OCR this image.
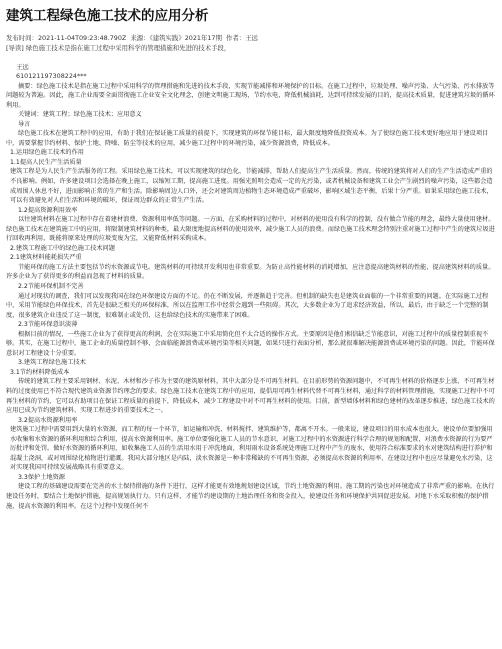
建筑工程绿色施工技术的应用分析
发布时间：2021-11-04T09:23:48.790Z 来源：《建筑实践》2021年17期 作者：王远
[导读] 绿色施工技术是指在施工过程中采用科学的管理措施和先进的技术手段，
王远
610121197308224***

摘要：绿色施工技术是指在施工过程中采用科学的管理措施和先进的技术手段，实现节能减排和环境保护的目标。在施工过程中，垃圾处理、噪声污染、大气污染、污水排放等问题较为普遍。因此，施工企业需要全面贯彻施工企业安全文化理念，创建文明施工现场，节约水电，降低机械油耗，达到可持续发展的目的，提高技术质量，促进建筑垃圾的循环利用。

关键词：建筑工程；绿色施工技术；应用意义

导言

绿色施工技术在建筑工程中的应用，有助于我们在保证施工质量的前提下，实现建筑的环保节能目标，最大限度地降低投资成本。为了使绿色施工技术更好地应用于建设项目中，需要掌握节约材料、保护土地、降噪、防尘等技术的应用，减少施工过程中的环境污染，减少资源浪费，降低成本。

1.运用绿色施工技术的作用

1.1提高人民生产生活质量

建筑工程是为人民生产生活服务的工程。采用绿色施工技术，可以实现建筑的绿色化、节能减排，帮助人们提高生产生活质量。然而，传统的建筑将对人们的生产生活造成严重的不良影响。例如，许多建设项目会选择在晚上施工，以缩短工期，提高施工进度。用强光照明会造成一定的光污染，或者机械设备和建筑工业会产生剧烈的噪声污染，这些都会造成周围人休息不好，进而影响正常的生产和生活。除影响周边人口外，还会对建筑周边植物生态环境造成严重破坏，影响区域生态平衡，后果十分严重。如果采用绿色施工技术，可以有效避免对人们生活和环境的破坏，保证周边群众的正常生产生活。

1.2提高资源利用效率

以往建筑材料在施工过程中存在着建材浪费、资源利用率低等问题。一方面，在采购材料的过程中，对材料的使用没有科学的控制，没有做合节能的理念，最终大量使用建材。绿色施工技术在建筑施工中的应用，将限制建筑材料的种类，最大限度地提高材料的使用效率，减少施工人员的浪费。而绿色施工技术理念特别注重对施工过程中产生的建筑垃圾进行回收再利用，既能将原来处理的垃圾变废为宝，又能降低材料采购成本。

2.建筑工程施工中的绿色施工技术问题

2.1建筑材料能耗损失严重

节能环保的施工方法主要包括节约水资源或节电。建筑材料的可持续开发利用也非常重要。为防止高性能材料的消耗增加，应注意提高建筑材料的性能，提高建筑材料的质量。许多企业为了获得更多的利益而忽视了材料的质量。

2.2节能环保机制不完善

通过对现状的调查，我们可以发现我国在绿色环保建设方面的不足。仍在不断发展，并逐渐趋于完善。但机制的缺失也是建筑业面临的一个非常重要的问题。在实际施工过程中，采用节能绿色环保技术，首先是很缺乏相关的环保标准，所以在监理工作中经常会遇到一些阻碍。其次，大多数企业为了追求经济效益，所以，最后，由于缺乏一个完整的制度，很多建筑企业违反了这一制度，很难制止或处罚，这也给绿色技术的实施带来了困难。

2.3节能环保意识淡薄

根据目前的情况，一些施工企业为了获得更高的利润，会在实际施工中采用简化但不太合适的操作方式。主要原因是他们相信缺乏节能意识，对施工过程中的质量控制重视不够。其实，在施工过程中，施工企业的质量控制不够，会面临能源浪费或环境污染等相关问题，如果只进行表面分析，那么就很难解决能源浪费或环境污染的问题。因此，节能环保意识对工程建设十分重要。

3.建筑工程绿色施工技术

3.1节约材料降低成本

传统的建筑工程主要采用钢材、水泥、木材和沙子作为主要的建筑原材料，其中大部分是不可再生材料。在目前形势的资源问题中，不可再生材料的价格逐步上涨，不可再生材料的过度使用已不符合现代建筑业资源节约理念的要求。绿色施工技术在建筑工程中的应用，提倡用可再生材料代替不可再生材料，通过科学的材料管理措施，实现施工过程中不可再生材料的节约，它可以有助项目在保证工程质量的前提下，降低成本，减少工程建设中对不可再生材料的使用。目前，新型墙体材料和绿色建材的改革逐步推进，绿色施工技术的应用已成为节约建筑材料、实现工程进步的重要技术之一。

3.2提高水资源利用率

建筑施工过程中需要用到大量的水资源，而工程的每一个环节，如运输和冲洗、材料搅拌、建筑维护等，都离不开水。一般来说，建设项目的用水成本也很大。建设单位要加强用水收集和水资源的循环利用和综合利用，提高水资源利用率。施工单位要强化施工人员的节水意识，对施工过程中的水资源进行科学合理的规划和配置，对浪费水资源的行为要严厉批评和处罚。做好水资源的循环利用，如收集施工人员的生活用水用于冲洗地面，利用雨水设备系统处理施工过程中产生的废水，使用符合标准要求的水对建筑结构进行养护和混凝土浇洞，或对周围绿化植物进行灌溉。我国大部分地区是内陆，淡水资源是一种非常稀缺的不可再生资源，必须提高水资源的利用率，在建设过程中也应尽量避免水污染，这对实现我国可持续发展战略具有重要意义。

3.3保护土地资源

建设工程的基础建设需要在完善的水土保持措施的条件下进行，这样才能更有效地规划建设区域，节约土地资源的利用。施工期的污染也对环境造成了非常严重的影响。在执行建设任务时，要结合土地保护措施，提高规划执行力。只有这样，才能节约建设期的土地治理任务和资金投入，使建设任务和环境保护共同促进发展。对地下水采取积极的保护措施，提高水资源的利用率。在这个过程中发现任何不
